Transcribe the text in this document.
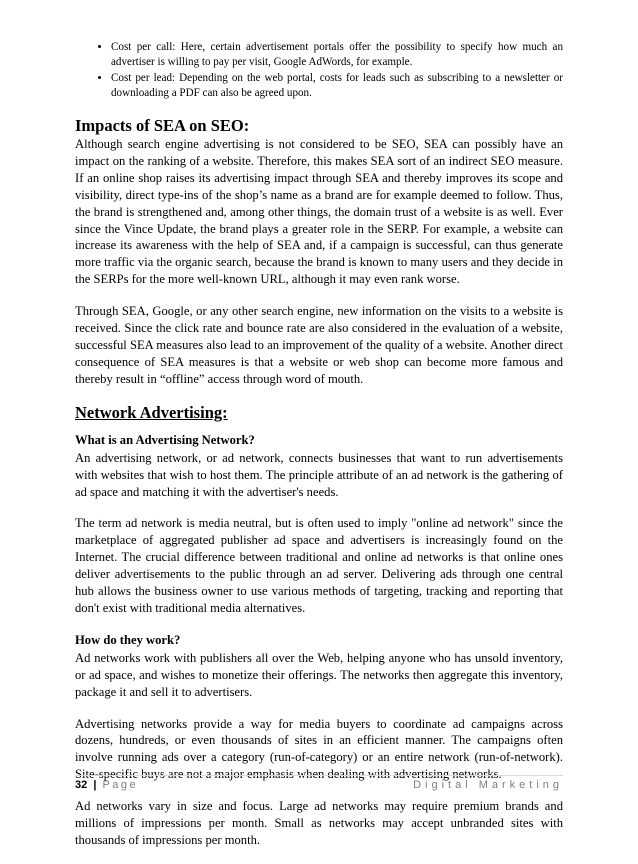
• Cost per call: Here, certain advertisement portals offer the possibility to specify how much an advertiser is willing to pay per visit, Google AdWords, for example.
• Cost per lead: Depending on the web portal, costs for leads such as subscribing to a newsletter or downloading a PDF can also be agreed upon.
Impacts of SEA on SEO:

Although search engine advertising is not considered to be SEO, SEA can possibly have an impact on the ranking of a website. Therefore, this makes SEA sort of an indirect SEO measure. If an online shop raises its advertising impact through SEA and thereby improves its scope and visibility, direct type-ins of the shop’s name as a brand are for example deemed to follow. Thus, the brand is strengthened and, among other things, the domain trust of a website is as well. Ever since the Vince Update, the brand plays a greater role in the SERP. For example, a website can increase its awareness with the help of SEA and, if a campaign is successful, can thus generate more traffic via the organic search, because the brand is known to many users and they decide in the SERPs for the more well-known URL, although it may even rank worse.

Through SEA, Google, or any other search engine, new information on the visits to a website is received. Since the click rate and bounce rate are also considered in the evaluation of a website, successful SEA measures also lead to an improvement of the quality of a website. Another direct consequence of SEA measures is that a website or web shop can become more famous and thereby result in “offline” access through word of mouth.

Network Advertising:
What is an Advertising Network?

An advertising network, or ad network, connects businesses that want to run advertisements with websites that wish to host them. The principle attribute of an ad network is the gathering of ad space and matching it with the advertiser's needs.

The term ad network is media neutral, but is often used to imply "online ad network" since the marketplace of aggregated publisher ad space and advertisers is increasingly found on the Internet. The crucial difference between traditional and online ad networks is that online ones deliver advertisements to the public through an ad server. Delivering ads through one central hub allows the business owner to use various methods of targeting, tracking and reporting that don't exist with traditional media alternatives.

How do they work?

Ad networks work with publishers all over the Web, helping anyone who has unsold inventory, or ad space, and wishes to monetize their offerings. The networks then aggregate this inventory, package it and sell it to advertisers.

Advertising networks provide a way for media buyers to coordinate ad campaigns across dozens, hundreds, or even thousands of sites in an efficient manner. The campaigns often involve running ads over a category (run-of-category) or an entire network (run-of-network). Site-specific buys are not a major emphasis when dealing with advertising networks.

Ad networks vary in size and focus. Large ad networks may require premium brands and millions of impressions per month. Small as networks may accept unbranded sites with thousands of impressions per month.

32 | Page	Digital Marketing
